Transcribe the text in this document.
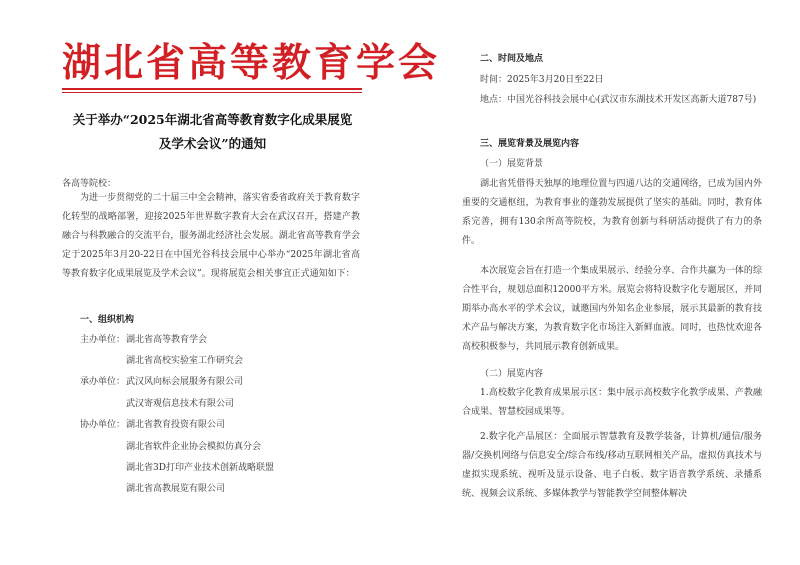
湖北省高等教育学会
关于举办“2025年湖北省高等教育数字化成果展览及学术会议”的通知
各高等院校：
为进一步贯彻党的二十届三中全会精神，落实省委省政府关于教育数字化转型的战略部署，迎接2025年世界数字教育大会在武汉召开，搭建产教融合与科教融合的交流平台，服务湖北经济社会发展。湖北省高等教育学会定于2025年3月20-22日在中国光谷科技会展中心举办“2025年湖北省高等教育数字化成果展览及学术会议”。现将展览会相关事宜正式通知如下：
一、组织机构
主办单位： 湖北省高等教育学会
湖北省高校实验室工作研究会
承办单位： 武汉风向标会展服务有限公司
武汉寄观信息技术有限公司
协办单位： 湖北省教育投资有限公司
湖北省软件企业协会模拟仿真分会
湖北省3D打印产业技术创新战略联盟
湖北省高教展览有限公司
二、时间及地点
时间：2025年3月20日至22日
地点：中国光谷科技会展中心(武汉市东湖技术开发区高新大道787号)
三、展览背景及展览内容
（一）展览背景
湖北省凭借得天独厚的地理位置与四通八达的交通网络，已成为国内外重要的交通枢纽，为教育事业的蓬勃发展提供了坚实的基础。同时，教育体系完善，拥有130余所高等院校，为教育创新与科研活动提供了有力的条件。
本次展览会旨在打造一个集成果展示、经验分享、合作共赢为一体的综合性平台，规划总面积12000平方米。展览会将特设数字化专题展区，并同期举办高水平的学术会议，诚邀国内外知名企业参展，展示其最新的教育技术产品与解决方案，为教育数字化市场注入新鲜血液。同时，也热忱欢迎各高校积极参与，共同展示教育创新成果。
（二）展览内容
1.高校数字化教育成果展示区：集中展示高校数字化教学成果、产教融合成果、智慧校园成果等。
2.数字化产品展区：全面展示智慧教育及教学装备，计算机/通信/服务器/交换机网络与信息安全/综合布线/移动互联网相关产品，虚拟仿真技术与虚拟实现系统、视听及显示设备、电子白板、数字语音教学系统、录播系统、视频会议系统、多媒体教学与智能教学空间整体解决
